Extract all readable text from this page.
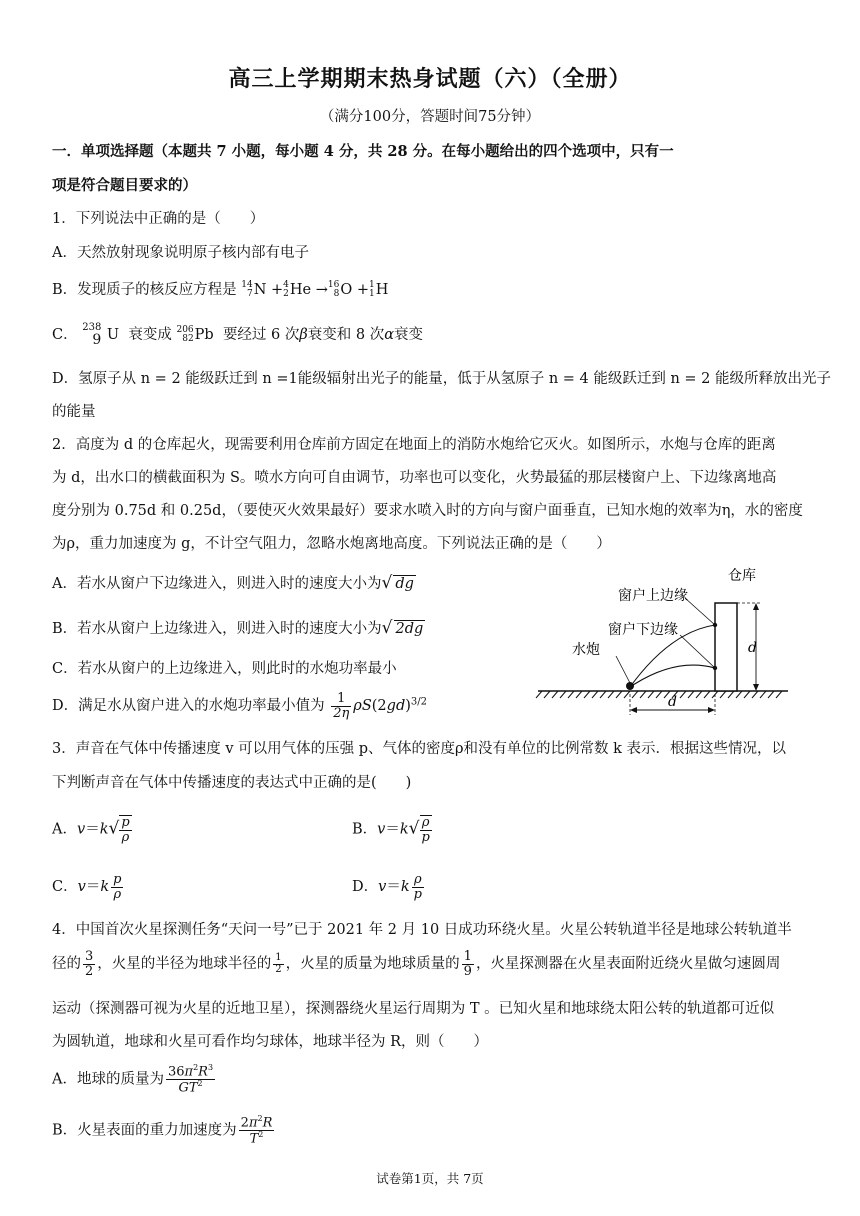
高三上学期期末热身试题（六）（全册）
（满分100分，答题时间75分钟）
一．单项选择题（本题共 7 小题，每小题 4 分，共 28 分。在每小题给出的四个选项中，只有一
项是符合题目要求的）
1．下列说法中正确的是（　　）
A．天然放射现象说明原子核内部有电子
B．发现质子的核反应方程是 14
7 N + 4
2 He → 16
8 O + 1
1 H
C． 238
9 U  衰变成 206
82 Pb  要经过 6 次β衰变和 8 次α衰变
D．氢原子从 n = 2 能级跃迁到 n =1能级辐射出光子的能量，低于从氢原子 n = 4 能级跃迁到 n = 2 能级所释放出光子
的能量
2．高度为 d 的仓库起火，现需要利用仓库前方固定在地面上的消防水炮给它灭火。如图所示，水炮与仓库的距离
为 d，出水口的横截面积为 S。喷水方向可自由调节，功率也可以变化，火势最猛的那层楼窗户上、下边缘离地高
度分别为 0.75d 和 0.25d，（要使灭火效果最好）要求水喷入时的方向与窗户面垂直，已知水炮的效率为η，水的密度
为ρ，重力加速度为 g，不计空气阻力，忽略水炮离地高度。下列说法正确的是（　　）
A．若水从窗户下边缘进入，则进入时的速度大小为√ dg
B．若水从窗户上边缘进入，则进入时的速度大小为√ 2dg
C．若水从窗户的上边缘进入，则此时的水炮功率最小
D．满足水从窗户进入的水炮功率最小值为 $\frac{1}{2\eta} \rho S(2gd)^{3/2}$
仓库
窗户上边缘
窗户下边缘
水炮	d
d
3．声音在气体中传播速度 v 可以用气体的压强 p、气体的密度ρ和没有单位的比例常数 k 表示．根据这些情况，以
下判断声音在气体中传播速度的表达式中正确的是(　　)
A．$v=k√ \frac{p}{\rho}$	B．$v=k√ \frac{\rho}{p}$
C．$v=k \frac{p}{\rho}$	D．$v=k \frac{\rho}{p}$
4．中国首次火星探测任务“天问一号”已于 2021 年 2 月 10 日成功环绕火星。火星公转轨道半径是地球公转轨道半
径的 $\frac{3}{2}$ ，火星的半径为地球半径的 $\frac{1}{2}$ ，火星的质量为地球质量的 $\frac{1}{9}$ ，火星探测器在火星表面附近绕火星做匀速圆周
运动（探测器可视为火星的近地卫星），探测器绕火星运行周期为 T 。已知火星和地球绕太阳公转的轨道都可近似
为圆轨道，地球和火星可看作均匀球体，地球半径为 R，则（　　）
A．地球的质量为 $\frac{36\pi^2R^3}{GT^2}$
B．火星表面的重力加速度为 $\frac{2\pi^2R}{T^2}$
试卷第1页，共 7页
